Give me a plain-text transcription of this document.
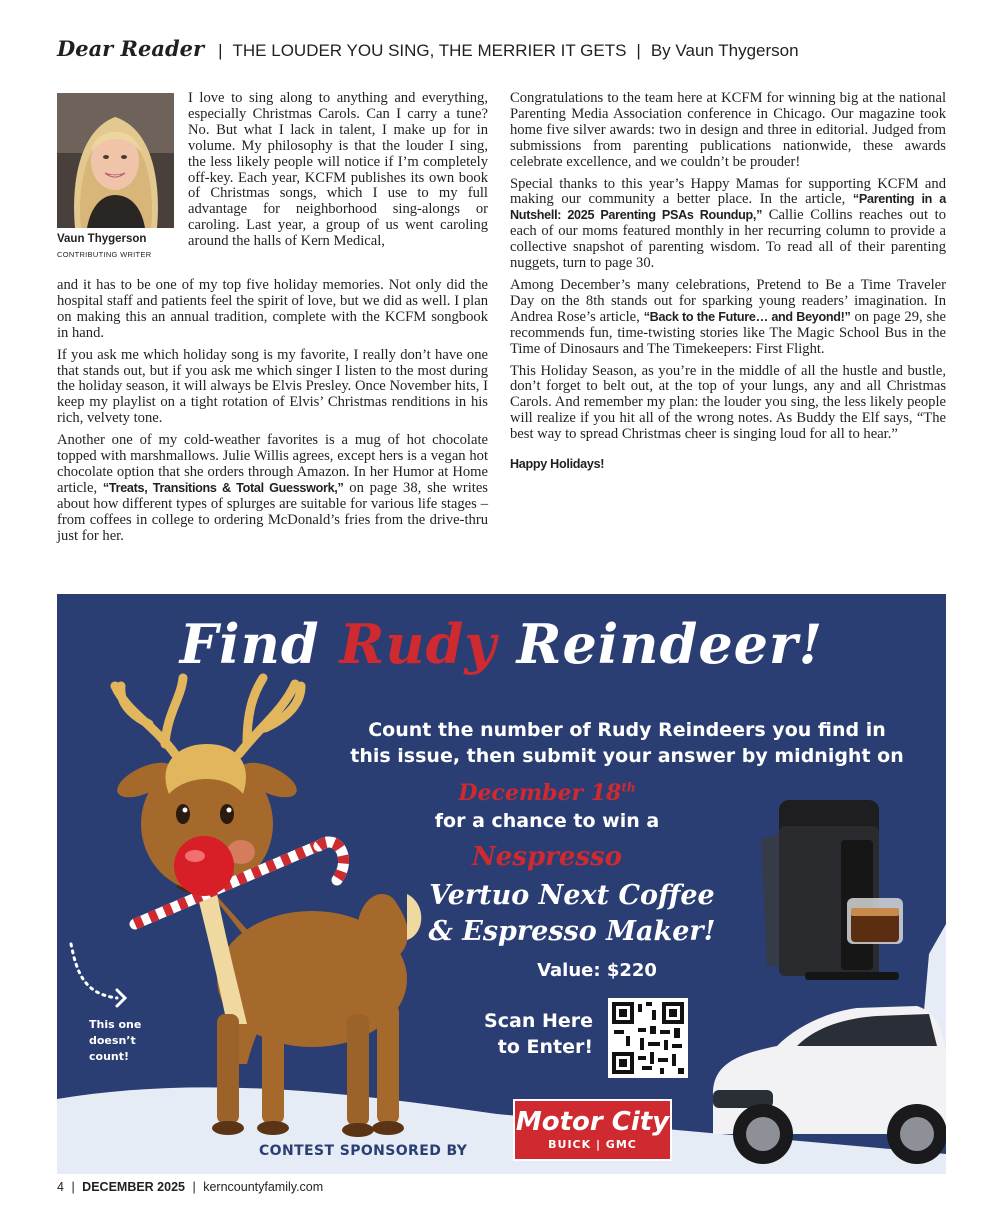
Dear Reader | THE LOUDER YOU SING, THE MERRIER IT GETS | By Vaun Thygerson
Vaun Thygerson
CONTRIBUTING WRITER

I love to sing along to anything and everything, especially Christmas Carols. Can I carry a tune? No. But what I lack in talent, I make up for in volume. My philosophy is that the louder I sing, the less likely people will notice if I’m completely off-key. Each year, KCFM publishes its own book of Christmas songs, which I use to my full advantage for neighborhood sing-alongs or caroling. Last year, a group of us went caroling around the halls of Kern Medical,

and it has to be one of my top five holiday memories. Not only did the hospital staff and patients feel the spirit of love, but we did as well. I plan on making this an annual tradition, complete with the KCFM songbook in hand.

If you ask me which holiday song is my favorite, I really don’t have one that stands out, but if you ask me which singer I listen to the most during the holiday season, it will always be Elvis Presley. Once November hits, I keep my playlist on a tight rotation of Elvis’ Christmas renditions in his rich, velvety tone.

Another one of my cold-weather favorites is a mug of hot chocolate topped with marshmallows. Julie Willis agrees, except hers is a vegan hot chocolate option that she orders through Amazon. In her Humor at Home article, “Treats, Transitions & Total Guesswork,” on page 38, she writes about how different types of splurges are suitable for various life stages – from coffees in college to ordering McDonald’s fries from the drive-thru just for her.

Congratulations to the team here at KCFM for winning big at the national Parenting Media Association conference in Chicago. Our magazine took home five silver awards: two in design and three in editorial. Judged from submissions from parenting publications nationwide, these awards celebrate excellence, and we couldn’t be prouder!

Special thanks to this year’s Happy Mamas for supporting KCFM and making our community a better place. In the article, “Parenting in a Nutshell: 2025 Parenting PSAs Roundup,” Callie Collins reaches out to each of our moms featured monthly in her recurring column to provide a collective snapshot of parenting wisdom. To read all of their parenting nuggets, turn to page 30.

Among December’s many celebrations, Pretend to Be a Time Traveler Day on the 8th stands out for sparking young readers’ imagination. In Andrea Rose’s article, “Back to the Future… and Beyond!” on page 29, she recommends fun, time-twisting stories like The Magic School Bus in the Time of Dinosaurs and The Timekeepers: First Flight.

This Holiday Season, as you’re in the middle of all the hustle and bustle, don’t forget to belt out, at the top of your lungs, any and all Christmas Carols. And remember my plan: the louder you sing, the less likely people will realize if you hit all of the wrong notes. As Buddy the Elf says, “The best way to spread Christmas cheer is singing loud for all to hear.”

Happy Holidays!
Find Rudy Reindeer!
Count the number of Rudy Reindeers you find in this issue, then submit your answer by midnight on
December 18th
for a chance to win a
Nespresso
Vertuo Next Coffee
& Espresso Maker!
Value: $220
Scan Here
to Enter!
This one doesn’t count!
CONTEST SPONSORED BY
Motor City
BUICK | GMC
4 | DECEMBER 2025 | kerncountyfamily.com
